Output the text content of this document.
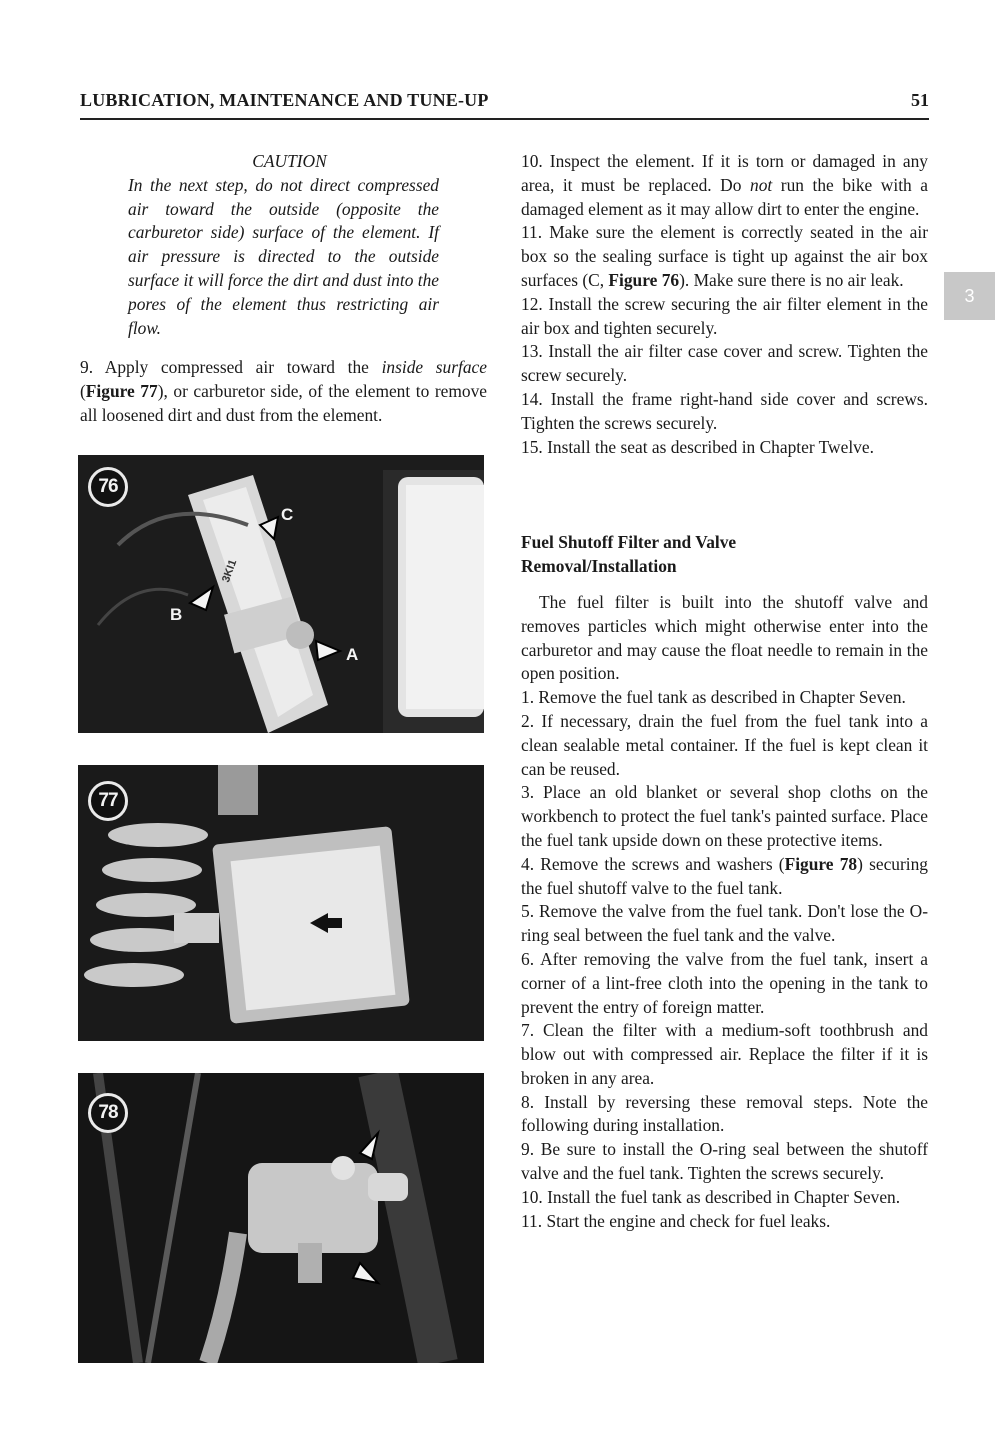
LUBRICATION, MAINTENANCE AND TUNE-UP	51
3
CAUTION
In the next step, do not direct compressed air toward the outside (opposite the carburetor side) surface of the element. If air pressure is directed to the outside surface it will force the dirt and dust into the pores of the element thus restricting air flow.

9. Apply compressed air toward the inside surface (Figure 77), or carburetor side, of the element to remove all loosened dirt and dust from the element.

76
C
B
A
3KI1
77
78

10. Inspect the element. If it is torn or damaged in any area, it must be replaced. Do not run the bike with a damaged element as it may allow dirt to enter the engine.

11. Make sure the element is correctly seated in the air box so the sealing surface is tight up against the air box surfaces (C, Figure 76). Make sure there is no air leak.

12. Install the screw securing the air filter element in the air box and tighten securely.

13. Install the air filter case cover and screw. Tighten the screw securely.

14. Install the frame right-hand side cover and screws. Tighten the screws securely.

15. Install the seat as described in Chapter Twelve.

Fuel Shutoff Filter and Valve
Removal/Installation

The fuel filter is built into the shutoff valve and removes particles which might otherwise enter into the carburetor and may cause the float needle to remain in the open position.

1. Remove the fuel tank as described in Chapter Seven.

2. If necessary, drain the fuel from the fuel tank into a clean sealable metal container. If the fuel is kept clean it can be reused.

3. Place an old blanket or several shop cloths on the workbench to protect the fuel tank's painted surface. Place the fuel tank upside down on these protective items.

4. Remove the screws and washers (Figure 78) securing the fuel shutoff valve to the fuel tank.

5. Remove the valve from the fuel tank. Don't lose the O-ring seal between the fuel tank and the valve.

6. After removing the valve from the fuel tank, insert a corner of a lint-free cloth into the opening in the tank to prevent the entry of foreign matter.

7. Clean the filter with a medium-soft toothbrush and blow out with compressed air. Replace the filter if it is broken in any area.

8. Install by reversing these removal steps. Note the following during installation.

9. Be sure to install the O-ring seal between the shutoff valve and the fuel tank. Tighten the screws securely.

10. Install the fuel tank as described in Chapter Seven.

11. Start the engine and check for fuel leaks.
